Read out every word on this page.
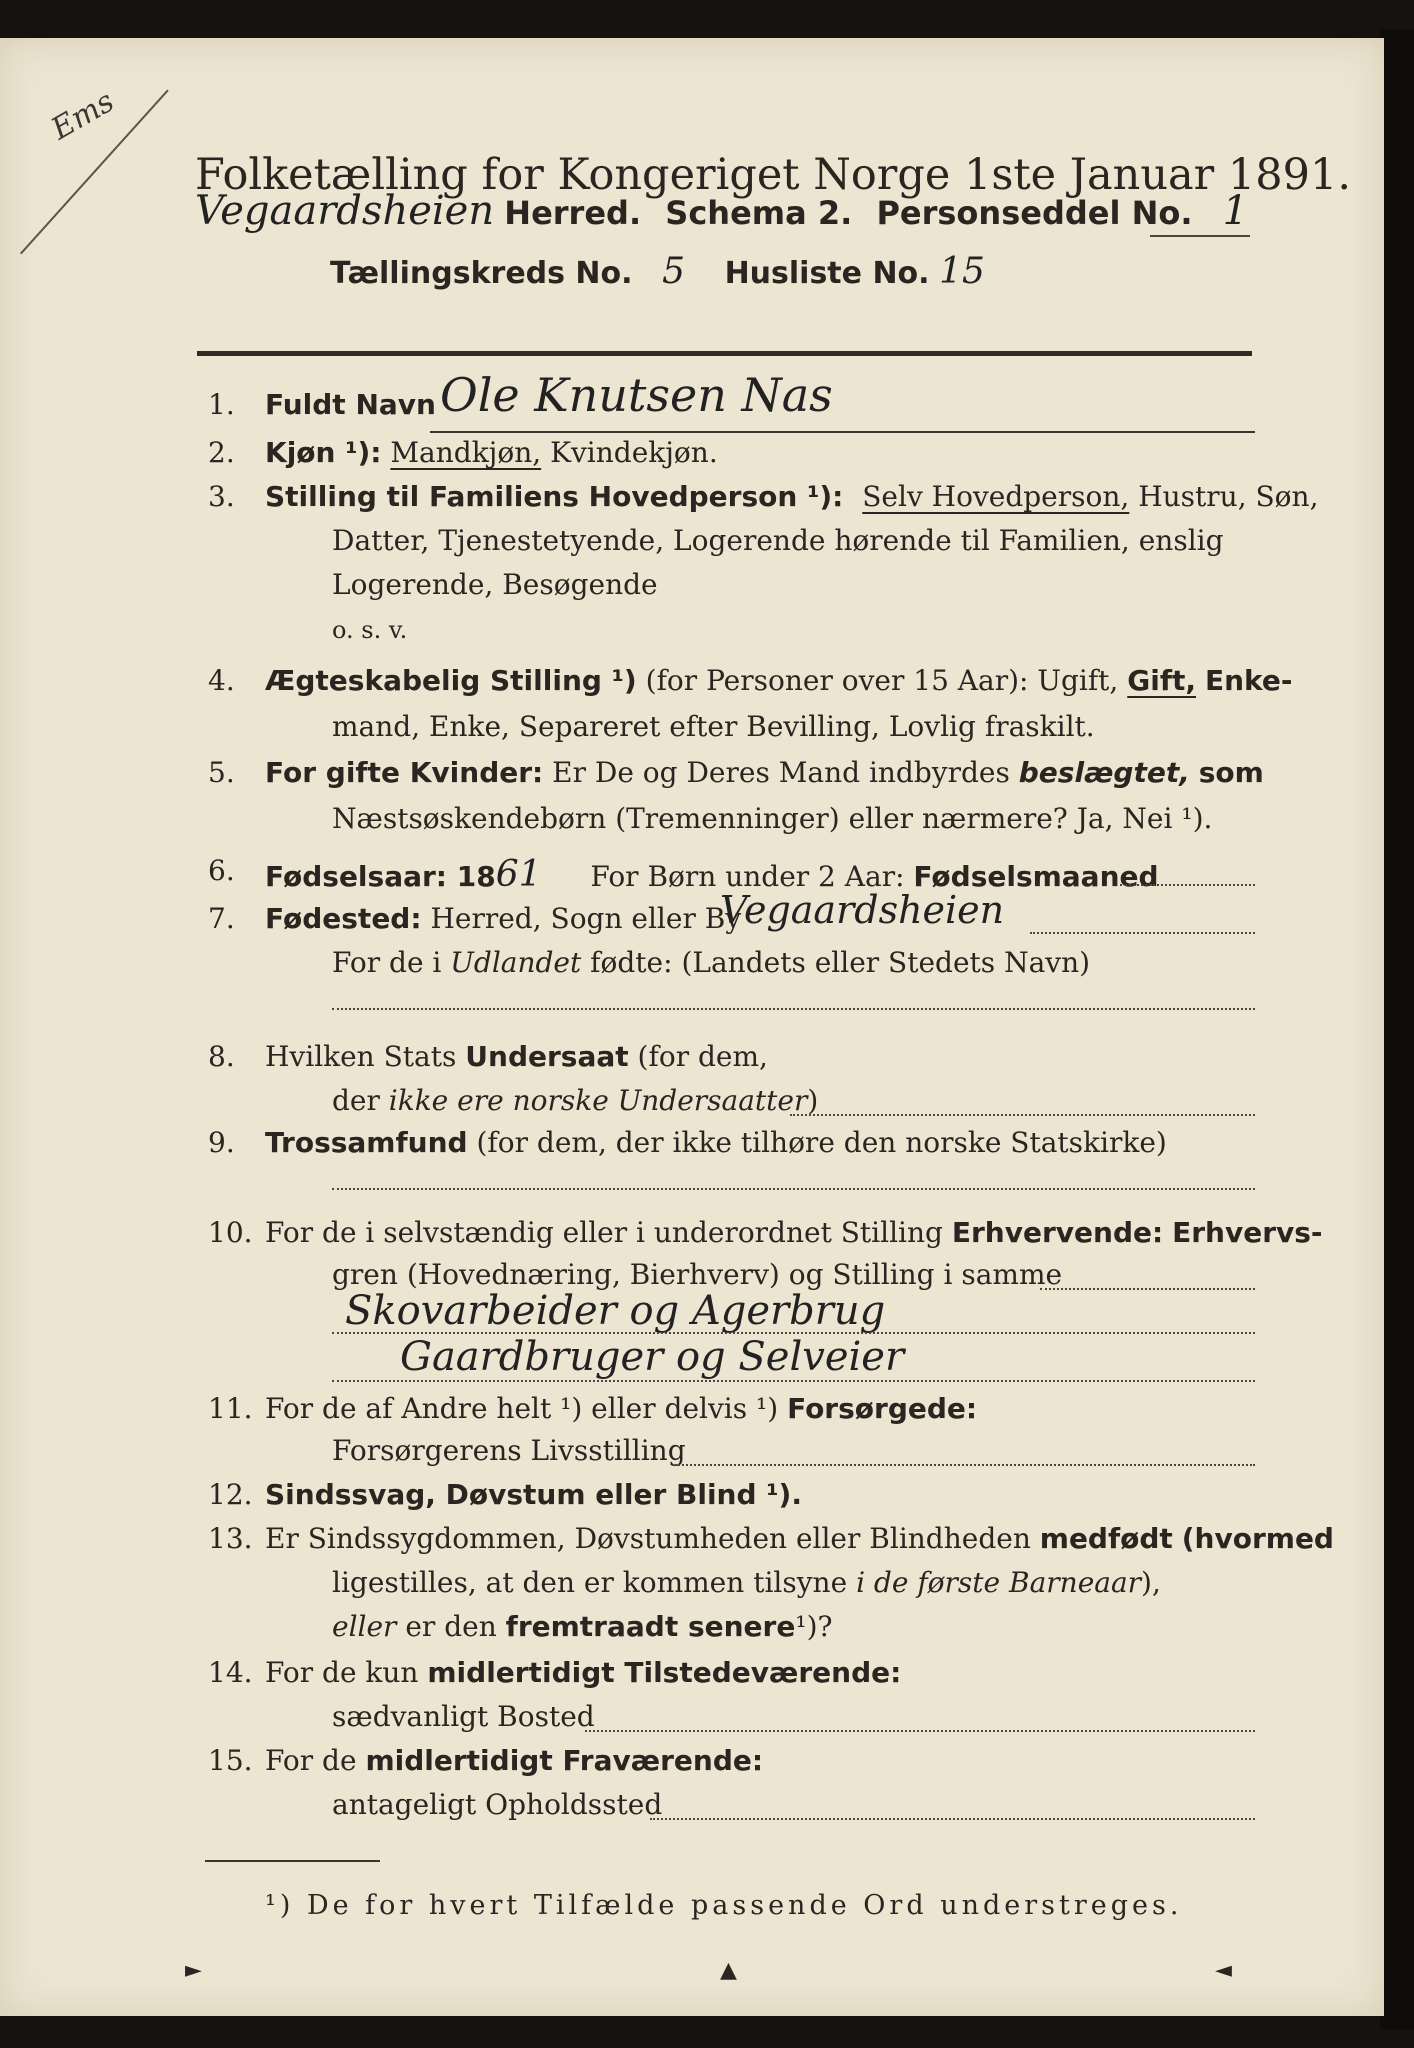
Ems
Folketælling for Kongeriget Norge 1ste Januar 1891.
Vegaardsheien Herred. Schema 2. Personseddel No. 1
Tællingskreds No. 5 Husliste No. 15
1. Fuldt Navn Ole Knutsen Nas
2. Kjøn ¹): Mandkjøn, Kvindekjøn.
3. Stilling til Familiens Hovedperson ¹): Selv Hovedperson, Hustru, Søn,
Datter, Tjenestetyende, Logerende hørende til Familien, enslig
Logerende, Besøgende
o. s. v.
4. Ægteskabelig Stilling ¹) (for Personer over 15 Aar): Ugift, Gift, Enke-
mand, Enke, Separeret efter Bevilling, Lovlig fraskilt.
5. For gifte Kvinder: Er De og Deres Mand indbyrdes beslægtet, som
Næstsøskendebørn (Tremenninger) eller nærmere? Ja, Nei ¹).
6. Fødselsaar: 1861 For Børn under 2 Aar: Fødselsmaaned
7. Fødested: Herred, Sogn eller By
Vegaardsheien
For de i Udlandet fødte: (Landets eller Stedets Navn)
8. Hvilken Stats Undersaat (for dem,
der ikke ere norske Undersaatter)
9. Trossamfund (for dem, der ikke tilhøre den norske Statskirke)
10. For de i selvstændig eller i underordnet Stilling Erhvervende: Erhvervs-
gren (Hovednæring, Bierhverv) og Stilling i samme
Skovarbeider og Agerbrug
Gaardbruger og Selveier
11. For de af Andre helt ¹) eller delvis ¹) Forsørgede:
Forsørgerens Livsstilling
12. Sindssvag, Døvstum eller Blind ¹).
13. Er Sindssygdommen, Døvstumheden eller Blindheden medfødt (hvormed
ligestilles, at den er kommen tilsyne i de første Barneaar),
eller er den fremtraadt senere¹)?
14. For de kun midlertidigt Tilstedeværende:
sædvanligt Bosted
15. For de midlertidigt Fraværende:
antageligt Opholdssted
¹) De for hvert Tilfælde passende Ord understreges.
►	▲	◄
